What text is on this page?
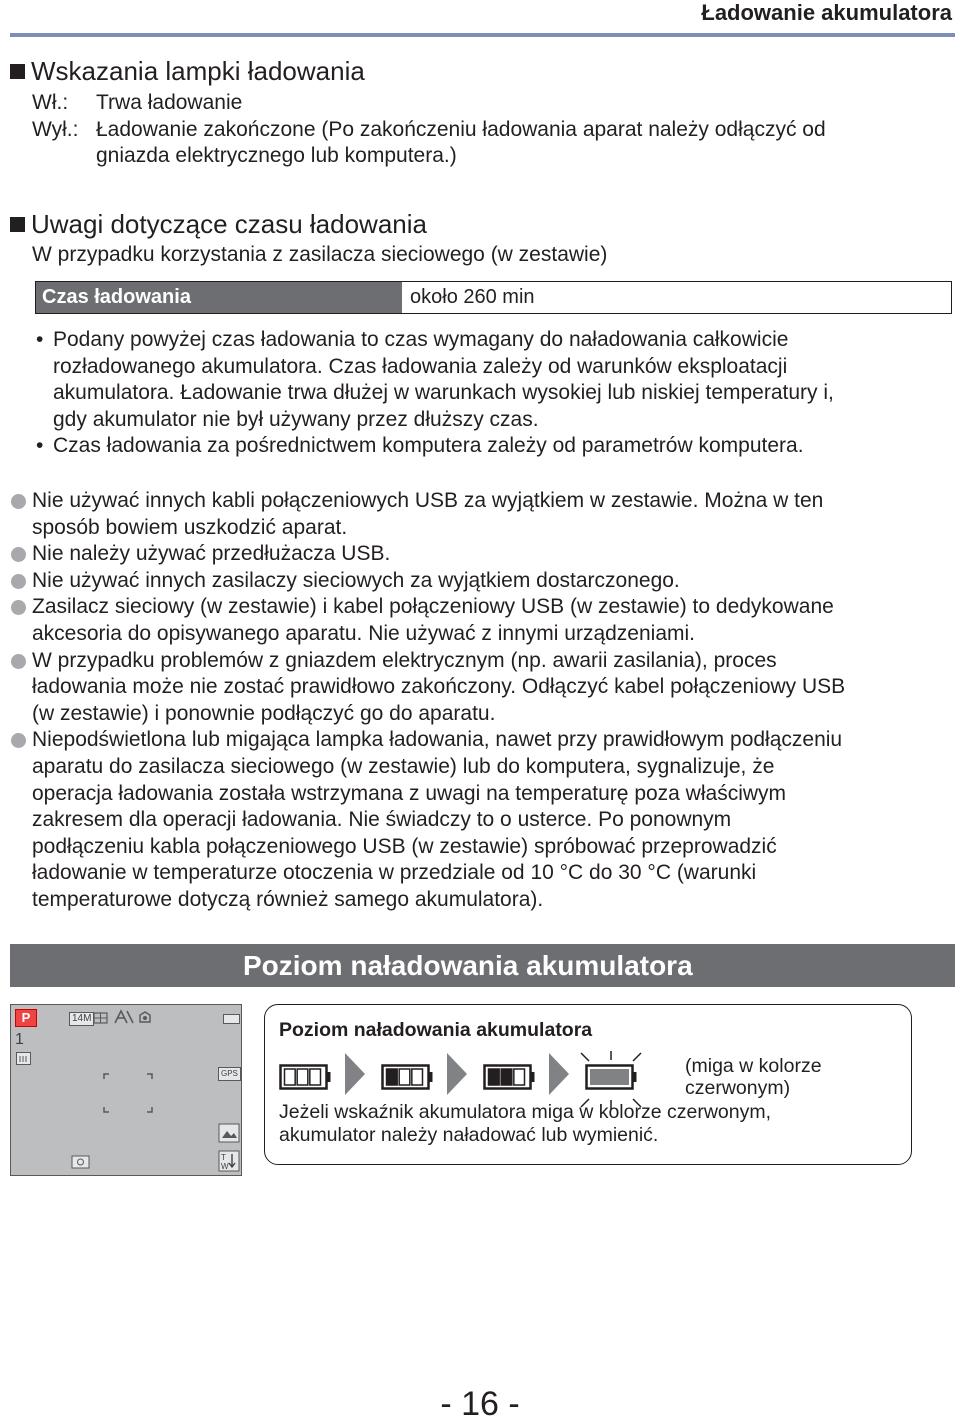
Ładowanie akumulatora
Wskazania lampki ładowania
Wł.:	Trwa ładowanie
Wył.: Ładowanie zakończone (Po zakończeniu ładowania aparat należy odłączyć od
gniazda elektrycznego lub komputera.)
Uwagi dotyczące czasu ładowania
W przypadku korzystania z zasilacza sieciowego (w zestawie)
Czas ładowania	około 260 min
• Podany powyżej czas ładowania to czas wymagany do naładowania całkowicie
rozładowanego akumulatora. Czas ładowania zależy od warunków eksploatacji
akumulatora. Ładowanie trwa dłużej w warunkach wysokiej lub niskiej temperatury i,
gdy akumulator nie był używany przez dłuższy czas.
• Czas ładowania za pośrednictwem komputera zależy od parametrów komputera.
Nie używać innych kabli połączeniowych USB za wyjątkiem w zestawie. Można w ten
sposób bowiem uszkodzić aparat.
Nie należy używać przedłużacza USB.
Nie używać innych zasilaczy sieciowych za wyjątkiem dostarczonego.
Zasilacz sieciowy (w zestawie) i kabel połączeniowy USB (w zestawie) to dedykowane
akcesoria do opisywanego aparatu. Nie używać z innymi urządzeniami.
W przypadku problemów z gniazdem elektrycznym (np. awarii zasilania), proces
ładowania może nie zostać prawidłowo zakończony. Odłączyć kabel połączeniowy USB
(w zestawie) i ponownie podłączyć go do aparatu.
Niepodświetlona lub migająca lampka ładowania, nawet przy prawidłowym podłączeniu
aparatu do zasilacza sieciowego (w zestawie) lub do komputera, sygnalizuje, że
operacja ładowania została wstrzymana z uwagi na temperaturę poza właściwym
zakresem dla operacji ładowania. Nie świadczy to o usterce. Po ponownym
podłączeniu kabla połączeniowego USB (w zestawie) spróbować przeprowadzić
ładowanie w temperaturze otoczenia w przedziale od 10 °C do 30 °C (warunki
temperaturowe dotyczą również samego akumulatora).
Poziom naładowania akumulatora
P	14M
1
GPS
T
W
Poziom naładowania akumulatora
(miga w kolorze
czerwonym)
Jeżeli wskaźnik akumulatora miga w kolorze czerwonym,
akumulator należy naładować lub wymienić.
- 16 -
